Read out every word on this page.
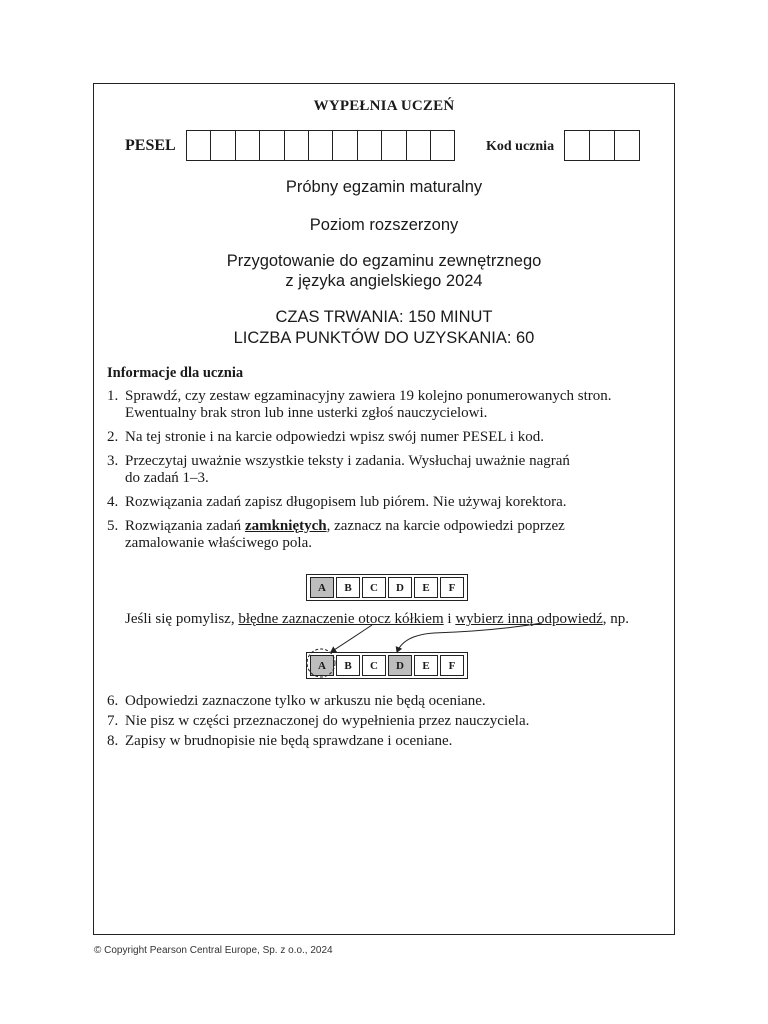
WYPEŁNIA UCZEŃ
PESEL	Kod ucznia
Próbny egzamin maturalny
Poziom rozszerzony
Przygotowanie do egzaminu zewnętrznego
z języka angielskiego 2024
CZAS TRWANIA: 150 MINUT
LICZBA PUNKTÓW DO UZYSKANIA: 60
Informacje dla ucznia
1. Sprawdź, czy zestaw egzaminacyjny zawiera 19 kolejno ponumerowanych stron.
Ewentualny brak stron lub inne usterki zgłoś nauczycielowi.
2. Na tej stronie i na karcie odpowiedzi wpisz swój numer PESEL i kod.
3. Przeczytaj uważnie wszystkie teksty i zadania. Wysłuchaj uważnie nagrań
do zadań 1–3.
4. Rozwiązania zadań zapisz długopisem lub piórem. Nie używaj korektora.
5. Rozwiązania zadań zamkniętych, zaznacz na karcie odpowiedzi poprzez
zamalowanie właściwego pola.
A	B	C	D	E	F
Jeśli się pomylisz, błędne zaznaczenie otocz kółkiem i wybierz inną odpowiedź, np.
A	B	C	D	E	F
6. Odpowiedzi zaznaczone tylko w arkuszu nie będą oceniane.
7. Nie pisz w części przeznaczonej do wypełnienia przez nauczyciela.
8. Zapisy w brudnopisie nie będą sprawdzane i oceniane.
© Copyright Pearson Central Europe, Sp. z o.o., 2024
